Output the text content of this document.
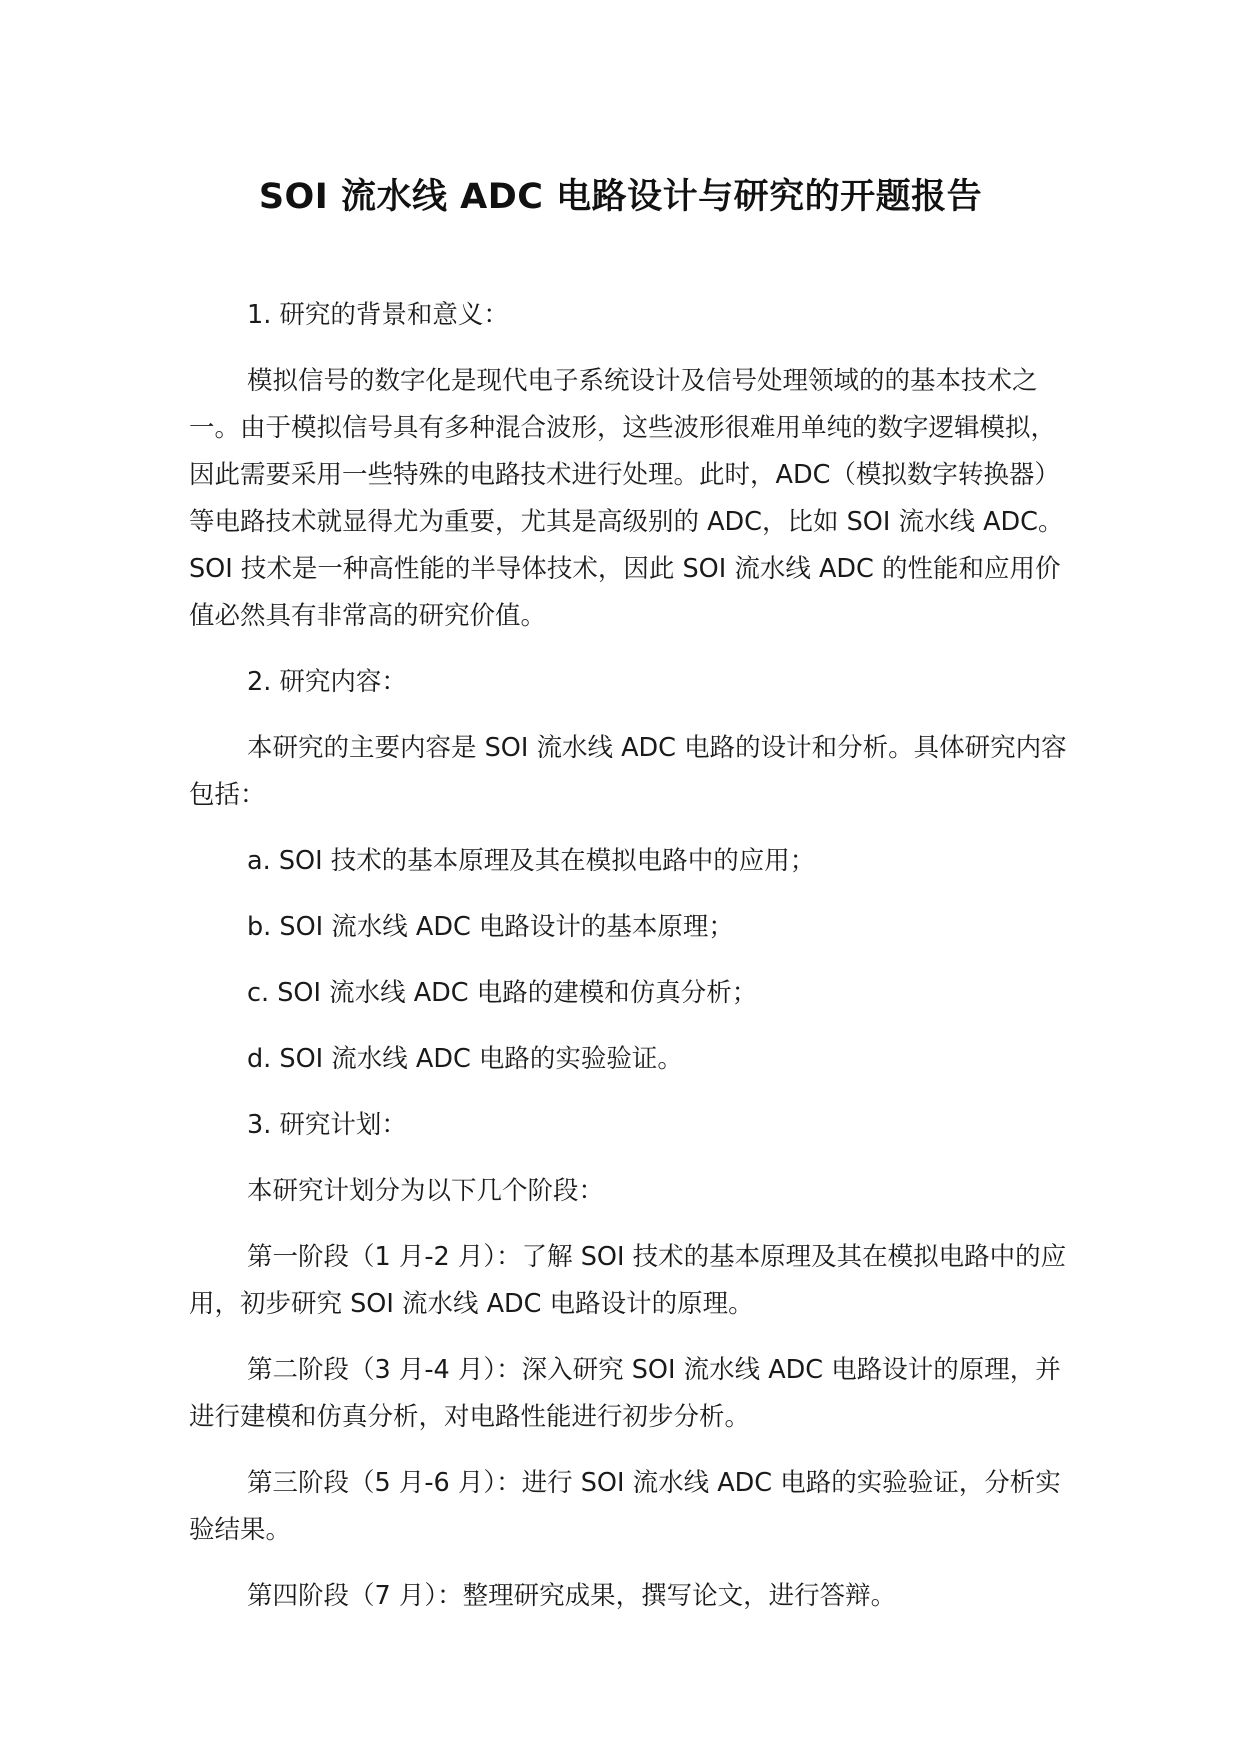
SOI 流水线 ADC 电路设计与研究的开题报告

1. 研究的背景和意义：

模拟信号的数字化是现代电子系统设计及信号处理领域的的基本技术之一。由于模拟信号具有多种混合波形，这些波形很难用单纯的数字逻辑模拟，因此需要采用一些特殊的电路技术进行处理。此时，ADC（模拟数字转换器）等电路技术就显得尤为重要，尤其是高级别的 ADC，比如 SOI 流水线 ADC。SOI 技术是一种高性能的半导体技术，因此 SOI 流水线 ADC 的性能和应用价值必然具有非常高的研究价值。

2. 研究内容：

本研究的主要内容是 SOI 流水线 ADC 电路的设计和分析。具体研究内容包括：

a. SOI 技术的基本原理及其在模拟电路中的应用；

b. SOI 流水线 ADC 电路设计的基本原理；

c. SOI 流水线 ADC 电路的建模和仿真分析；

d. SOI 流水线 ADC 电路的实验验证。

3. 研究计划：

本研究计划分为以下几个阶段：

第一阶段（1 月-2 月）：了解 SOI 技术的基本原理及其在模拟电路中的应用，初步研究 SOI 流水线 ADC 电路设计的原理。

第二阶段（3 月-4 月）：深入研究 SOI 流水线 ADC 电路设计的原理，并进行建模和仿真分析，对电路性能进行初步分析。

第三阶段（5 月-6 月）：进行 SOI 流水线 ADC 电路的实验验证，分析实验结果。

第四阶段（7 月）：整理研究成果，撰写论文，进行答辩。
